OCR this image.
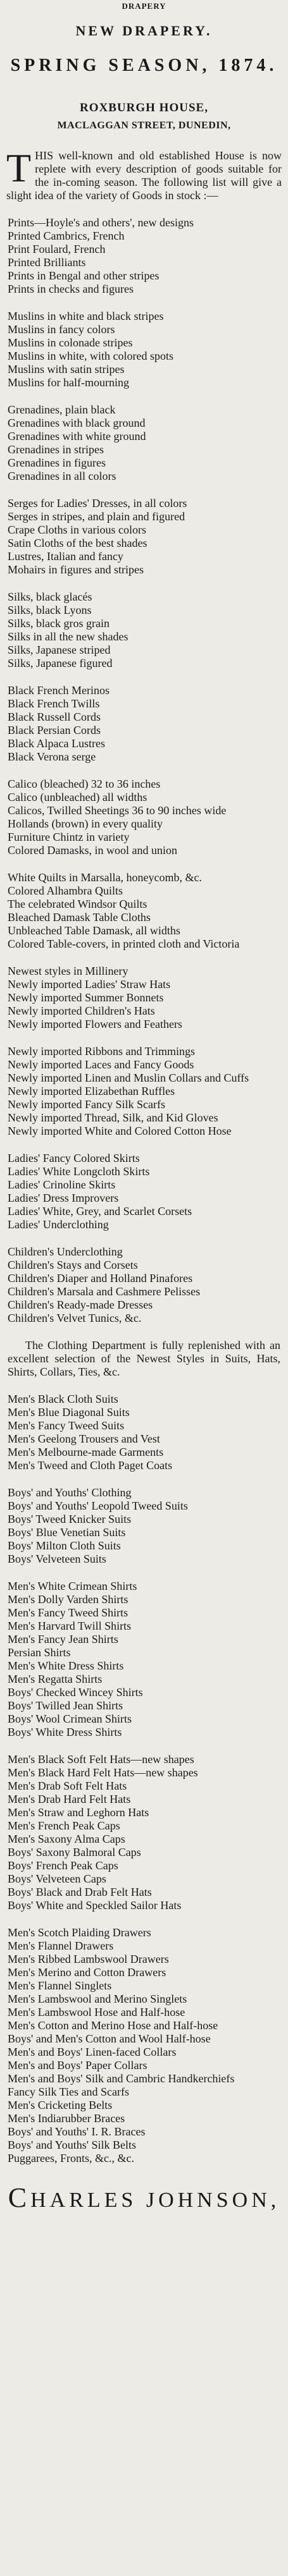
DRAPERY
NEW DRAPERY.
SPRING SEASON, 1874.
ROXBURGH HOUSE,
MACLAGGAN STREET, DUNEDIN,
THIS well-known and old established House is now replete with every description of goods suitable for the in-coming season. The following list will give a slight idea of the variety of Goods in stock :—
Prints—Hoyle's and others', new designs
Printed Cambrics, French
Print Foulard, French
Printed Brilliants
Prints in Bengal and other stripes
Prints in checks and figures
Muslins in white and black stripes
Muslins in fancy colors
Muslins in colonade stripes
Muslins in white, with colored spots
Muslins with satin stripes
Muslins for half-mourning
Grenadines, plain black
Grenadines with black ground
Grenadines with white ground
Grenadines in stripes
Grenadines in figures
Grenadines in all colors
Serges for Ladies' Dresses, in all colors
Serges in stripes, and plain and figured
Crape Cloths in various colors
Satin Cloths of the best shades
Lustres, Italian and fancy
Mohairs in figures and stripes
Silks, black glacés
Silks, black Lyons
Silks, black gros grain
Silks in all the new shades
Silks, Japanese striped
Silks, Japanese figured
Black French Merinos
Black French Twills
Black Russell Cords
Black Persian Cords
Black Alpaca Lustres
Black Verona serge
Calico (bleached) 32 to 36 inches
Calico (unbleached) all widths
Calicos, Twilled Sheetings 36 to 90 inches wide
Hollands (brown) in every quality
Furniture Chintz in variety
Colored Damasks, in wool and union
White Quilts in Marsalla, honeycomb, &c.
Colored Alhambra Quilts
The celebrated Windsor Quilts
Bleached Damask Table Cloths
Unbleached Table Damask, all widths
Colored Table-covers, in printed cloth and Victoria
Newest styles in Millinery
Newly imported Ladies' Straw Hats
Newly imported Summer Bonnets
Newly imported Children's Hats
Newly imported Flowers and Feathers
Newly imported Ribbons and Trimmings
Newly imported Laces and Fancy Goods
Newly imported Linen and Muslin Collars and Cuffs
Newly imported Elizabethan Ruffles
Newly imported Fancy Silk Scarfs
Newly imported Thread, Silk, and Kid Gloves
Newly imported White and Colored Cotton Hose
Ladies' Fancy Colored Skirts
Ladies' White Longcloth Skirts
Ladies' Crinoline Skirts
Ladies' Dress Improvers
Ladies' White, Grey, and Scarlet Corsets
Ladies' Underclothing
Children's Underclothing
Children's Stays and Corsets
Children's Diaper and Holland Pinafores
Children's Marsala and Cashmere Pelisses
Children's Ready-made Dresses
Children's Velvet Tunics, &c.
The Clothing Department is fully replenished with an excellent selection of the Newest Styles in Suits, Hats, Shirts, Collars, Ties, &c.
Men's Black Cloth Suits
Men's Blue Diagonal Suits
Men's Fancy Tweed Suits
Men's Geelong Trousers and Vest
Men's Melbourne-made Garments
Men's Tweed and Cloth Paget Coats
Boys' and Youths' Clothing
Boys' and Youths' Leopold Tweed Suits
Boys' Tweed Knicker Suits
Boys' Blue Venetian Suits
Boys' Milton Cloth Suits
Boys' Velveteen Suits
Men's White Crimean Shirts
Men's Dolly Varden Shirts
Men's Fancy Tweed Shirts
Men's Harvard Twill Shirts
Men's Fancy Jean Shirts
Persian Shirts
Men's White Dress Shirts
Men's Regatta Shirts
Boys' Checked Wincey Shirts
Boys' Twilled Jean Shirts
Boys' Wool Crimean Shirts
Boys' White Dress Shirts
Men's Black Soft Felt Hats—new shapes
Men's Black Hard Felt Hats—new shapes
Men's Drab Soft Felt Hats
Men's Drab Hard Felt Hats
Men's Straw and Leghorn Hats
Men's French Peak Caps
Men's Saxony Alma Caps
Boys' Saxony Balmoral Caps
Boys' French Peak Caps
Boys' Velveteen Caps
Boys' Black and Drab Felt Hats
Boys' White and Speckled Sailor Hats
Men's Scotch Plaiding Drawers
Men's Flannel Drawers
Men's Ribbed Lambswool Drawers
Men's Merino and Cotton Drawers
Men's Flannel Singlets
Men's Lambswool and Merino Singlets
Men's Lambswool Hose and Half-hose
Men's Cotton and Merino Hose and Half-hose
Boys' and Men's Cotton and Wool Half-hose
Men's and Boys' Linen-faced Collars
Men's and Boys' Paper Collars
Men's and Boys' Silk and Cambric Handkerchiefs
Fancy Silk Ties and Scarfs
Men's Cricketing Belts
Men's Indiarubber Braces
Boys' and Youths' I. R. Braces
Boys' and Youths' Silk Belts
Puggarees, Fronts, &c., &c.
CHARLES JOHNSON,
